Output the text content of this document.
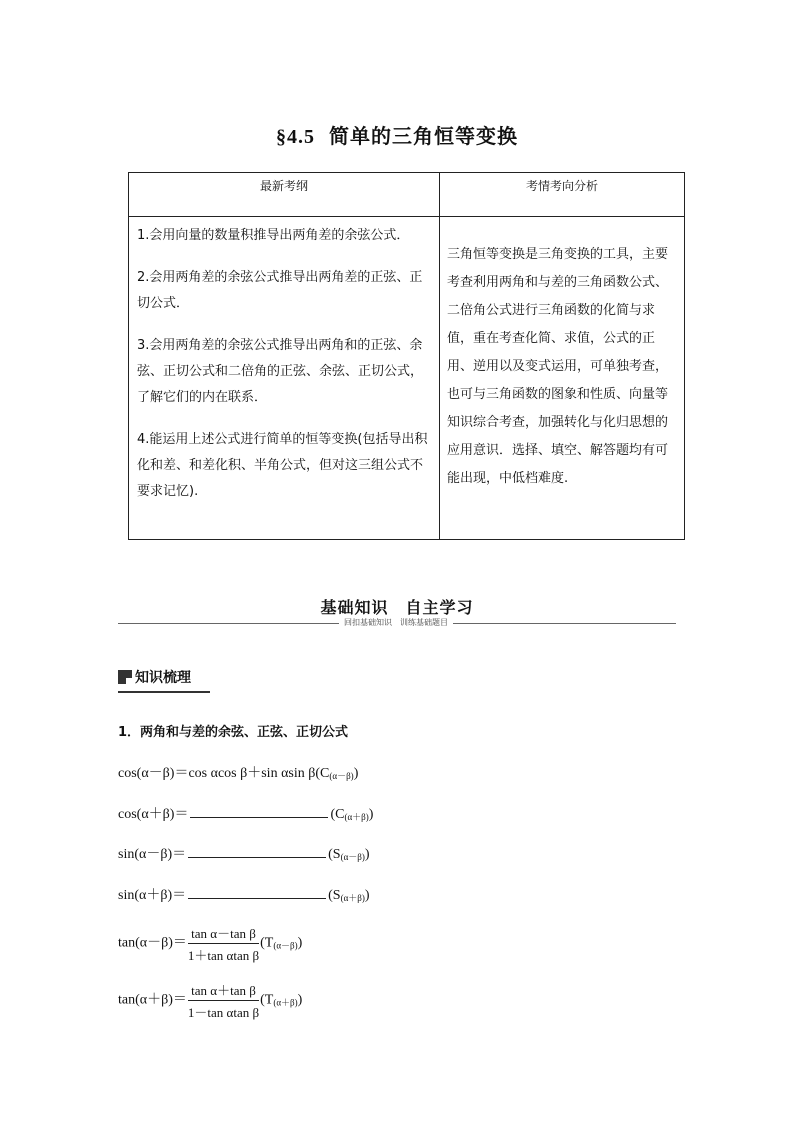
§4.5 简单的三角恒等变换
最新考纲	考情考向分析

1.会用向量的数量积推导出两角差的余弦公式．

2.会用两角差的余弦公式推导出两角差的正弦、正切公式．

3.会用两角差的余弦公式推导出两角和的正弦、余弦、正切公式和二倍角的正弦、余弦、正切公式，了解它们的内在联系．

4.能运用上述公式进行简单的恒等变换(包括导出积化和差、和差化积、半角公式，但对这三组公式不要求记忆).	三角恒等变换是三角变换的工具，主要考查利用两角和与差的三角函数公式、二倍角公式进行三角函数的化简与求值，重在考查化简、求值，公式的正用、逆用以及变式运用，可单独考查，也可与三角函数的图象和性质、向量等知识综合考查，加强转化与化归思想的应用意识．选择、填空、解答题均有可能出现，中低档难度.

基础知识　自主学习
回扣基础知识　训练基础题目
知识梳理
1．两角和与差的余弦、正弦、正切公式
cos(α－β)＝cos αcos β＋sin αsin β(C(α－β))
cos(α＋β)＝	(C(α＋β))
sin(α－β)＝	(S(α－β))
sin(α＋β)＝	(S(α＋β))
$\tan(\alpha-\beta)= \frac{\text{tan α－tan β}}{\text{1＋tan αtan β}} (T(\alpha-\beta))$
$\tan(\alpha+\beta)= \frac{\text{tan α＋tan β}}{\text{1－tan αtan β}} (T(\alpha+\beta))$
